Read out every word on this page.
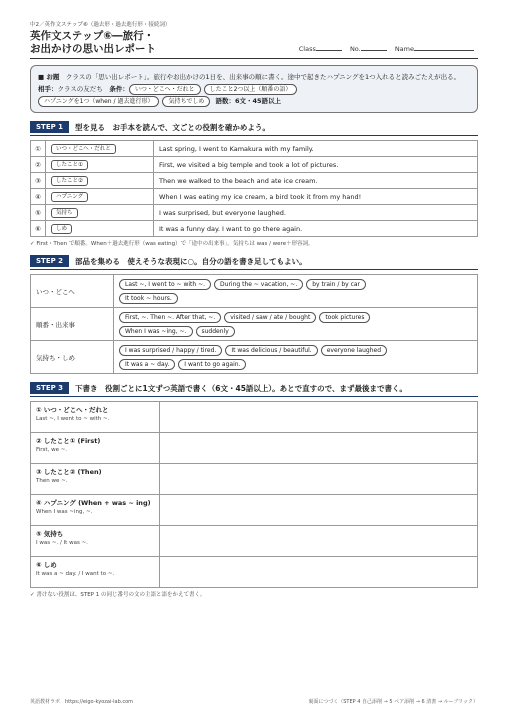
中2／英作文ステップ⑥（過去形・過去進行形・接続詞）
英作文ステップ⑥―旅行・
お出かけの思い出レポート	Class	No.	Name
■ お題　 クラスの「思い出レポート」。旅行やお出かけの1日を、出来事の順に書く。途中で起きたハプニングを1つ入れると読みごたえが出る。
相手：クラスの友だち　 条件： いつ・どこへ・だれと	したこと2つ以上（順番の語）
ハプニングを1つ（when / 過去進行形）	気持ちでしめ 語数：6文・45語以上
STEP 1	型を見る　お手本を読んで、文ごとの役割を確かめよう。
①	いつ・どこへ・だれと	Last spring, I went to Kamakura with my family.
②	したこと①	First, we visited a big temple and took a lot of pictures.
③	したこと②	Then we walked to the beach and ate ice cream.
④	ハプニング	When I was eating my ice cream, a bird took it from my hand!
⑤	気持ち	I was surprised, but everyone laughed.
⑥	しめ	It was a funny day. I want to go there again.
✓ First・Then で順番。When＋過去進行形（was eating）で「途中の出来事」。気持ちは was / were＋形容詞。
STEP 2	部品を集める　使えそうな表現に○。自分の語を書き足してもよい。
いつ・どこへ	Last ~, I went to ~ with ~. During the ~ vacation, ~. by train / by car
It took ~ hours.

順番・出来事	First, ~. Then ~. After that, ~. visited / saw / ate / bought took pictures
When I was ~ing, ~. suddenly

気持ち・しめ	I was surprised / happy / tired. It was delicious / beautiful. everyone laughed
It was a ~ day. I want to go again.
STEP 3	下書き　役割ごとに1文ずつ英語で書く（6文・45語以上）。あとで直すので、まず最後まで書く。
① いつ・どこへ・だれと
Last ~, I went to ~ with ~.	

② したこと① (First)
First, we ~.	

③ したこと② (Then)
Then we ~.	

④ ハプニング (When + was ~ ing)
When I was ~ing, ~.	

⑤ 気持ち
I was ~. / It was ~.	

⑥ しめ
It was a ~ day. / I want to ~.	

✓ 書けない役割は、STEP 1 の同じ番号の文の主語と語をかえて書く。
英語教材ラボ　https://eigo-kyozai-lab.com	裏面につづく（STEP 4 自己添削 → 5 ペア添削 → 6 清書 → ルーブリック）
